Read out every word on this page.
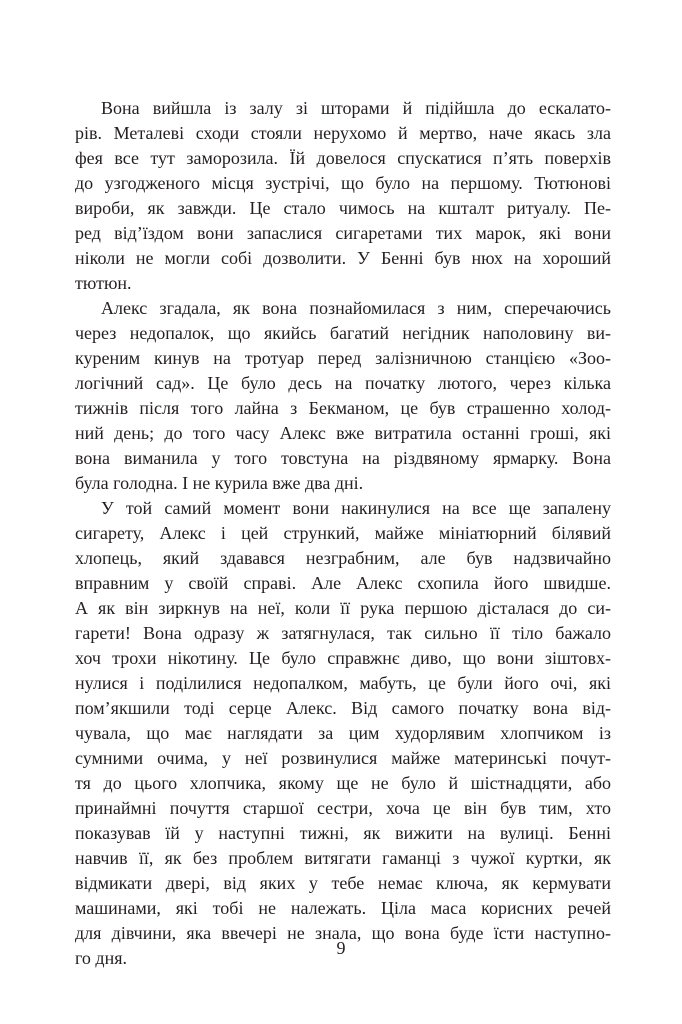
Вона вийшла із залу зі шторами й підійшла до ескалато-
рів. Металеві сходи стояли нерухомо й мертво, наче якась зла
фея все тут заморозила. Їй довелося спускатися п’ять поверхів
до узгодженого місця зустрічі, що було на першому. Тютюнові
вироби, як завжди. Це стало чимось на кшталт ритуалу. Пе-
ред від’їздом вони запаслися сигаретами тих марок, які вони
ніколи не могли собі дозволити. У Бенні був нюх на хороший
тютюн.
Алекс згадала, як вона познайомилася з ним, сперечаючись
через недопалок, що якийсь багатий негідник наполовину ви-
куреним кинув на тротуар перед залізничною станцією «Зоо-
логічний сад». Це було десь на початку лютого, через кілька
тижнів після того лайна з Бекманом, це був страшенно холод-
ний день; до того часу Алекс вже витратила останні гроші, які
вона виманила у того товстуна на різдвяному ярмарку. Вона
була голодна. І не курила вже два дні.
У той самий момент вони накинулися на все ще запалену
сигарету, Алекс і цей стрункий, майже мініатюрний білявий
хлопець, який здавався незграбним, але був надзвичайно
вправним у своїй справі. Але Алекс схопила його швидше.
А як він зиркнув на неї, коли її рука першою дісталася до си-
гарети! Вона одразу ж затягнулася, так сильно її тіло бажало
хоч трохи нікотину. Це було справжнє диво, що вони зіштовх-
нулися і поділилися недопалком, мабуть, це були його очі, які
пом’якшили тоді серце Алекс. Від самого початку вона від-
чувала, що має наглядати за цим худорлявим хлопчиком із
сумними очима, у неї розвинулися майже материнські почут-
тя до цього хлопчика, якому ще не було й шістнадцяти, або
принаймні почуття старшої сестри, хоча це він був тим, хто
показував їй у наступні тижні, як вижити на вулиці. Бенні
навчив її, як без проблем витягати гаманці з чужої куртки, як
відмикати двері, від яких у тебе немає ключа, як кермувати
машинами, які тобі не належать. Ціла маса корисних речей
для дівчини, яка ввечері не знала, що вона буде їсти наступно-
го дня.	9
